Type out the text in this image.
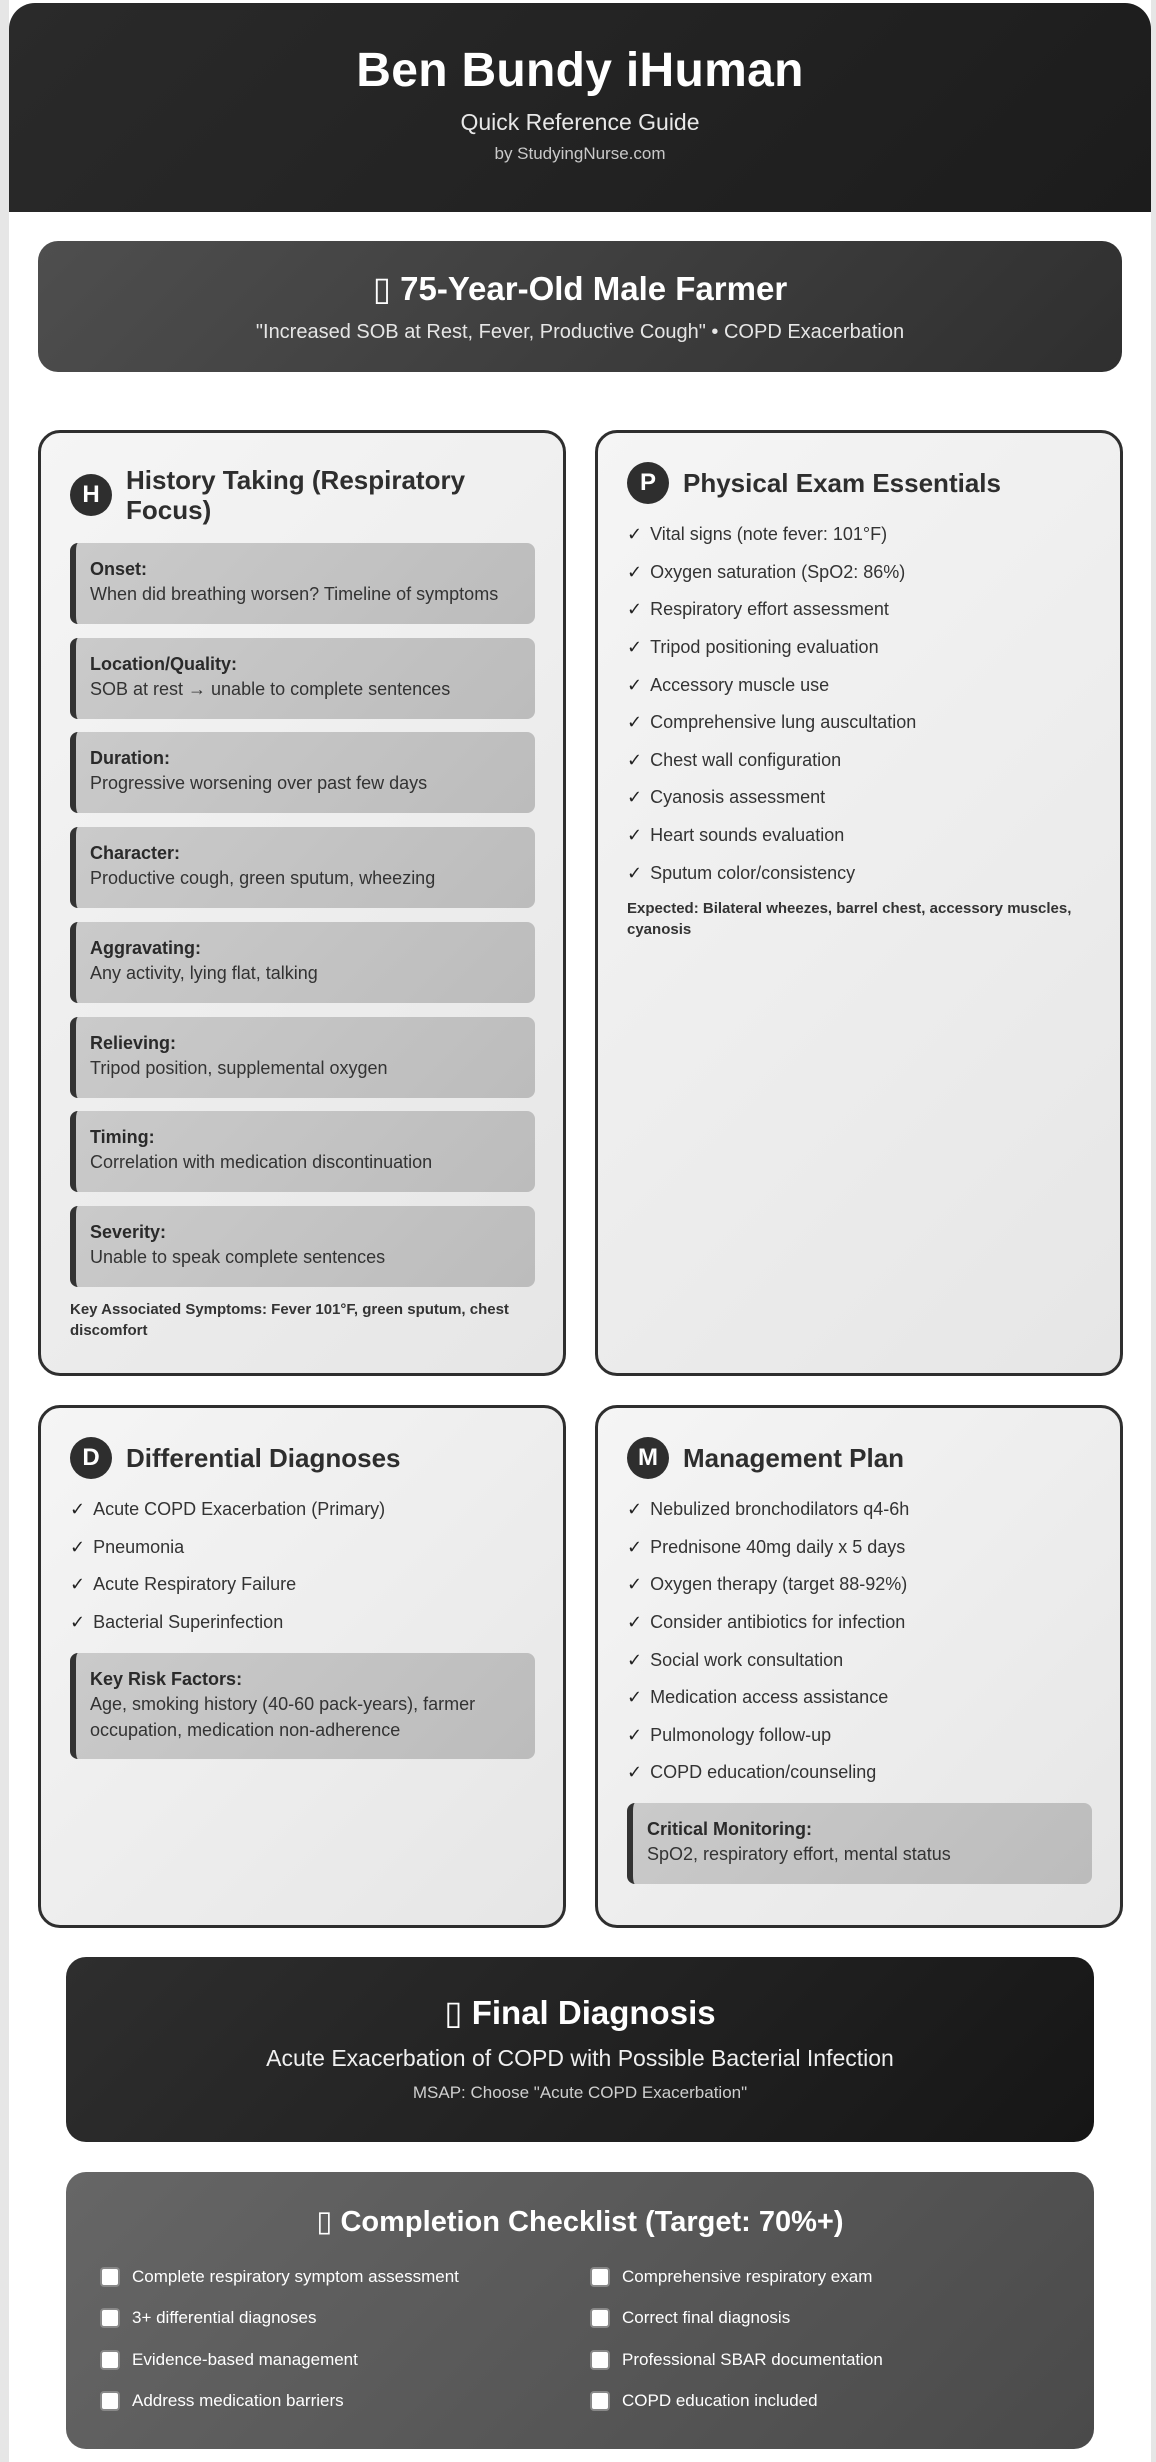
Ben Bundy iHuman
Quick Reference Guide
by StudyingNurse.com
▯ 75-Year-Old Male Farmer
"Increased SOB at Rest, Fever, Productive Cough" • COPD Exacerbation
H	History Taking (Respiratory Focus)
Onset:
When did breathing worsen? Timeline of symptoms
Location/Quality:
SOB at rest → unable to complete sentences
Duration:
Progressive worsening over past few days
Character:
Productive cough, green sputum, wheezing
Aggravating:
Any activity, lying flat, talking
Relieving:
Tripod position, supplemental oxygen
Timing:
Correlation with medication discontinuation
Severity:
Unable to speak complete sentences
Key Associated Symptoms: Fever 101°F, green sputum, chest discomfort
P	Physical Exam Essentials
✓ Vital signs (note fever: 101°F)
✓ Oxygen saturation (SpO2: 86%)
✓ Respiratory effort assessment
✓ Tripod positioning evaluation
✓ Accessory muscle use
✓ Comprehensive lung auscultation
✓ Chest wall configuration
✓ Cyanosis assessment
✓ Heart sounds evaluation
✓ Sputum color/consistency
Expected: Bilateral wheezes, barrel chest, accessory muscles, cyanosis
D	Differential Diagnoses
✓ Acute COPD Exacerbation (Primary)
✓ Pneumonia
✓ Acute Respiratory Failure
✓ Bacterial Superinfection
Key Risk Factors:
Age, smoking history (40-60 pack-years), farmer occupation, medication non-adherence
M Management Plan
✓ Nebulized bronchodilators q4-6h
✓ Prednisone 40mg daily x 5 days
✓ Oxygen therapy (target 88-92%)
✓ Consider antibiotics for infection
✓ Social work consultation
✓ Medication access assistance
✓ Pulmonology follow-up
✓ COPD education/counseling
Critical Monitoring:
SpO2, respiratory effort, mental status
▯ Final Diagnosis
Acute Exacerbation of COPD with Possible Bacterial Infection
MSAP: Choose "Acute COPD Exacerbation"
▯ Completion Checklist (Target: 70%+)
Complete respiratory symptom assessment
3+ differential diagnoses
Evidence-based management
Address medication barriers
Comprehensive respiratory exam
Correct final diagnosis
Professional SBAR documentation
COPD education included
